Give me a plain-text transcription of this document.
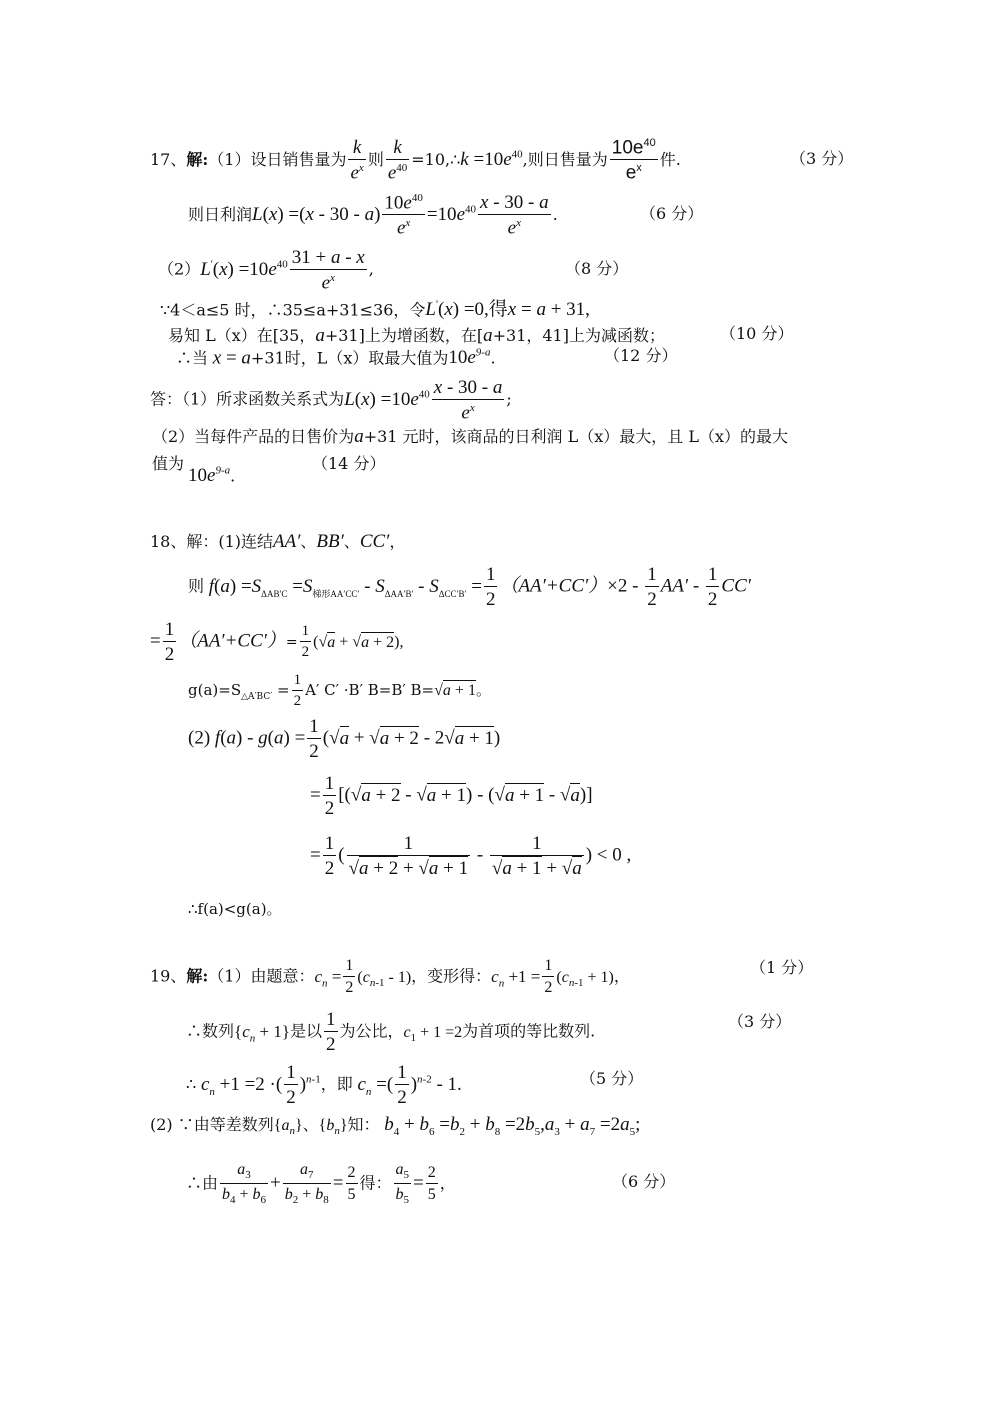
17、解:（1）设日销售量为 $\frac{k}{e^x}$ 则 $\frac{k}{e^{40}}$ =10,∴k $=10e^{40}$,则日售量为 $\frac{10e^{40}}{e^x}$ 件.	（3 分）
则日利润$L(x) =(x - 30 - a) \frac{10e^{40}}{e^x} =10e^{40} \frac{x - 30 - a}{e^x}$ .	（6 分）
$(2)L'(x) =10e^{40} \frac{31 + a - x}{e^x}$ ,	（8 分）
∵4＜a≤5 时，∴35≤a+31≤36，令L'(x) =0,得x = a + 31,
易知 L（x）在[35，a+31]上为增函数，在[a+31，41]上为减函数；	（10 分）
∴当 x = a+31时，L（x）取最大值为$10e^{9-a}$.	（12 分）
答：（1）所求函数关系式为$L(x) =10e^{40} \frac{x - 30 - a}{e^x}$ ;
（2）当每件产品的日售价为a+31 元时，该商品的日利润 L（x）最大，且 L（x）的最大
值为
$10e^{9-a}$.
（14 分）
18、解：(1)连结AA′、BB′、CC′，
则 $f(a) =S_{\Delta AB'C} =S_{梯形AA'CC'} - S_{\Delta AA'B'} - S_{\Delta CC'B'} = \frac{1}{2} (AA'+CC')\times 2 - \frac{1}{2} AA' - \frac{1}{2} CC'$
= $\frac{1}{2} (AA'+CC')= \frac{1}{2} (√a + √a + 2)$,
$g(a)=S_{\triangle A'BC'} = \frac{1}{2} A'$ C′ ·B′ B=B′ B=√a + 1。
(2) $f(a) - g(a) = \frac{1}{2} (√a + √a + 2 - 2√a + 1)$
= $\frac{1}{2} [(√a + 2 - √a + 1) - (√a + 1 - √a)]$
= $\frac{1}{2}$ ( $\frac{1}{√a + 2 + √a + 1} - \frac{1}{√a + 1 + √a}$ ) < 0 ,
∴f(a)<g(a)。
19、解:（1）由题意：$c_n = \frac{1}{2} (c_{n-1} - 1)$，变形得：$c_n +1 = \frac{1}{2} (c_{n-1} + 1)$，	（1 分）
∴数列$\{c_n + 1\}$是以 $\frac{1}{2}$ 为公比，$c_1 + 1 =2$为首项的等比数列.	（3 分）
∴ $c_n +1 =2$ ·( $\frac{1}{2} )^{n-1}$，即 $c_n$ =( $\frac{1}{2} )^{n-2} - 1$.	（5 分）
(2) ∵由等差数列$\{a_n\}$、$\{b_n\}$知： $b_4 + b_6 =b_2 + b_8 =2b_5,a_3 + a_7 =2a_5$;
∴由 $\frac{a_3}{b_4 + b_6} + \frac{a_7}{b_2 + b_8} = \frac{2}{5}$ 得： $\frac{a_5}{b_5} = \frac{2}{5}$ ，	（6 分）
